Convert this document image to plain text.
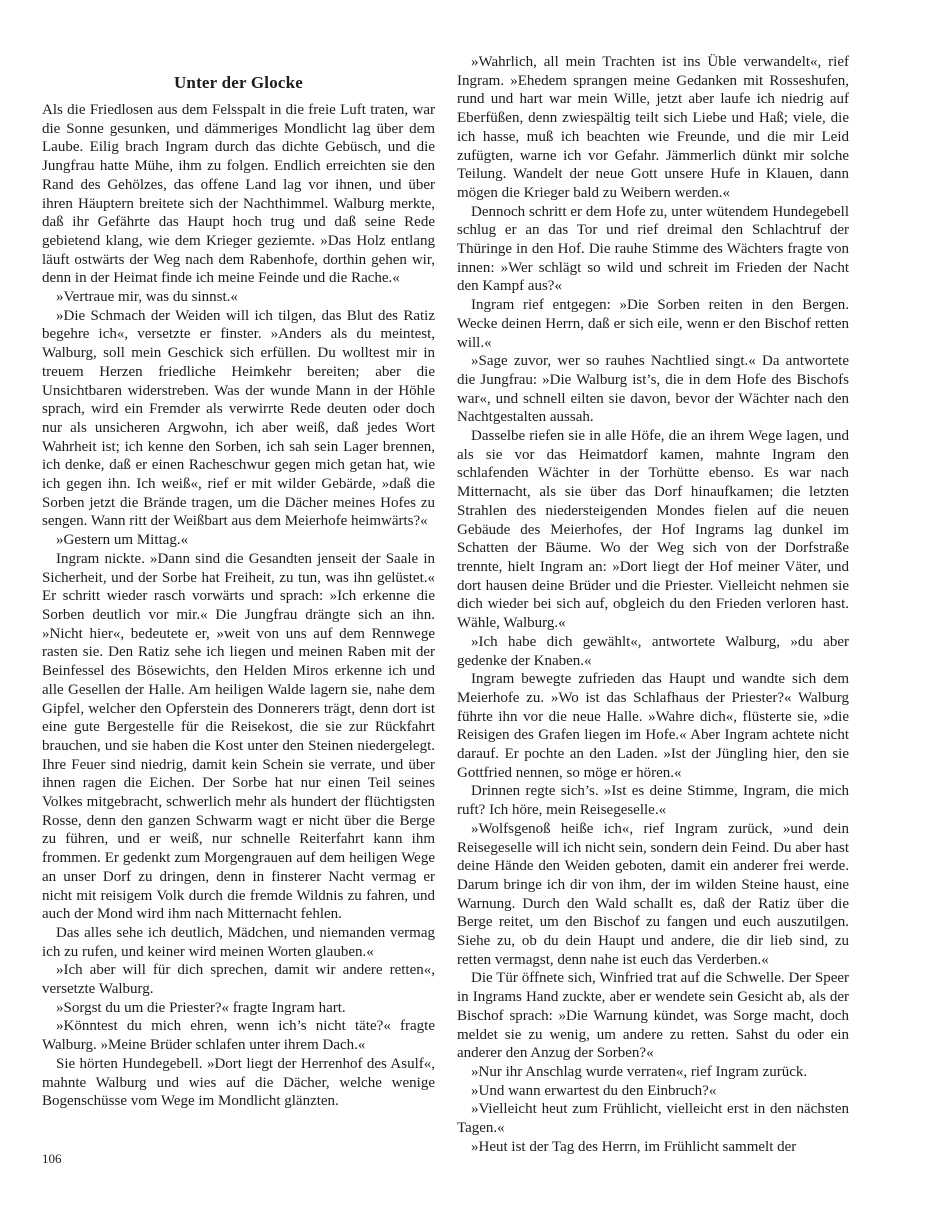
Unter der Glocke

Als die Friedlosen aus dem Felsspalt in die freie Luft traten, war die Sonne gesunken, und dämmeriges Mondlicht lag über dem Laube. Eilig brach Ingram durch das dichte Gebüsch, und die Jungfrau hatte Mühe, ihm zu folgen. Endlich erreichten sie den Rand des Gehölzes, das offene Land lag vor ihnen, und über ihren Häuptern breitete sich der Nachthimmel. Walburg merkte, daß ihr Gefährte das Haupt hoch trug und daß seine Rede gebietend klang, wie dem Krieger geziemte. »Das Holz entlang läuft ostwärts der Weg nach dem Rabenhofe, dorthin gehen wir, denn in der Heimat finde ich meine Feinde und die Rache.«

»Vertraue mir, was du sinnst.«

»Die Schmach der Weiden will ich tilgen, das Blut des Ratiz begehre ich«, versetzte er finster. »Anders als du meintest, Walburg, soll mein Geschick sich erfüllen. Du wolltest mir in treuem Herzen friedliche Heimkehr bereiten; aber die Unsichtbaren widerstreben. Was der wunde Mann in der Höhle sprach, wird ein Fremder als verwirrte Rede deuten oder doch nur als unsicheren Argwohn, ich aber weiß, daß jedes Wort Wahrheit ist; ich kenne den Sorben, ich sah sein Lager brennen, ich denke, daß er einen Racheschwur gegen mich getan hat, wie ich gegen ihn. Ich weiß«, rief er mit wilder Gebärde, »daß die Sorben jetzt die Brände tragen, um die Dächer meines Hofes zu sengen. Wann ritt der Weißbart aus dem Meierhofe heimwärts?«

»Gestern um Mittag.«

Ingram nickte. »Dann sind die Gesandten jenseit der Saale in Sicherheit, und der Sorbe hat Freiheit, zu tun, was ihn gelüstet.« Er schritt wieder rasch vorwärts und sprach: »Ich erkenne die Sorben deutlich vor mir.« Die Jungfrau drängte sich an ihn. »Nicht hier«, bedeutete er, »weit von uns auf dem Rennwege rasten sie. Den Ratiz sehe ich liegen und meinen Raben mit der Beinfessel des Bösewichts, den Helden Miros erkenne ich und alle Gesellen der Halle. Am heiligen Walde lagern sie, nahe dem Gipfel, welcher den Opferstein des Donnerers trägt, denn dort ist eine gute Bergestelle für die Reisekost, die sie zur Rückfahrt brauchen, und sie haben die Kost unter den Steinen niedergelegt. Ihre Feuer sind niedrig, damit kein Schein sie verrate, und über ihnen ragen die Eichen. Der Sorbe hat nur einen Teil seines Volkes mitgebracht, schwerlich mehr als hundert der flüchtigsten Rosse, denn den ganzen Schwarm wagt er nicht über die Berge zu führen, und er weiß, nur schnelle Reiterfahrt kann ihm frommen. Er gedenkt zum Morgengrauen auf dem heiligen Wege an unser Dorf zu dringen, denn in finsterer Nacht vermag er nicht mit reisigem Volk durch die fremde Wildnis zu fahren, und auch der Mond wird ihm nach Mitternacht fehlen.

Das alles sehe ich deutlich, Mädchen, und niemanden vermag ich zu rufen, und keiner wird meinen Worten glauben.«

»Ich aber will für dich sprechen, damit wir andere retten«, versetzte Walburg.

»Sorgst du um die Priester?« fragte Ingram hart.

»Könntest du mich ehren, wenn ich’s nicht täte?« fragte Walburg. »Meine Brüder schlafen unter ihrem Dach.«

Sie hörten Hundegebell. »Dort liegt der Herrenhof des Asulf«, mahnte Walburg und wies auf die Dächer, welche wenige Bogenschüsse vom Wege im Mondlicht glänzten.

»Wahrlich, all mein Trachten ist ins Üble verwandelt«, rief Ingram. »Ehedem sprangen meine Gedanken mit Rosseshufen, rund und hart war mein Wille, jetzt aber laufe ich niedrig auf Eberfüßen, denn zwiespältig teilt sich Liebe und Haß; viele, die ich hasse, muß ich beachten wie Freunde, und die mir Leid zufügten, warne ich vor Gefahr. Jämmerlich dünkt mir solche Teilung. Wandelt der neue Gott unsere Hufe in Klauen, dann mögen die Krieger bald zu Weibern werden.«

Dennoch schritt er dem Hofe zu, unter wütendem Hundegebell schlug er an das Tor und rief dreimal den Schlachtruf der Thüringe in den Hof. Die rauhe Stimme des Wächters fragte von innen: »Wer schlägt so wild und schreit im Frieden der Nacht den Kampf aus?«

Ingram rief entgegen: »Die Sorben reiten in den Bergen. Wecke deinen Herrn, daß er sich eile, wenn er den Bischof retten will.«

»Sage zuvor, wer so rauhes Nachtlied singt.« Da antwortete die Jungfrau: »Die Walburg ist’s, die in dem Hofe des Bischofs war«, und schnell eilten sie davon, bevor der Wächter nach den Nachtgestalten aussah.

Dasselbe riefen sie in alle Höfe, die an ihrem Wege lagen, und als sie vor das Heimatdorf kamen, mahnte Ingram den schlafenden Wächter in der Torhütte ebenso. Es war nach Mitternacht, als sie über das Dorf hinaufkamen; die letzten Strahlen des niedersteigenden Mondes fielen auf die neuen Gebäude des Meierhofes, der Hof Ingrams lag dunkel im Schatten der Bäume. Wo der Weg sich von der Dorfstraße trennte, hielt Ingram an: »Dort liegt der Hof meiner Väter, und dort hausen deine Brüder und die Priester. Vielleicht nehmen sie dich wieder bei sich auf, obgleich du den Frieden verloren hast. Wähle, Walburg.«

»Ich habe dich gewählt«, antwortete Walburg, »du aber gedenke der Knaben.«

Ingram bewegte zufrieden das Haupt und wandte sich dem Meierhofe zu. »Wo ist das Schlafhaus der Priester?« Walburg führte ihn vor die neue Halle. »Wahre dich«, flüsterte sie, »die Reisigen des Grafen liegen im Hofe.« Aber Ingram achtete nicht darauf. Er pochte an den Laden. »Ist der Jüngling hier, den sie Gottfried nennen, so möge er hören.«

Drinnen regte sich’s. »Ist es deine Stimme, Ingram, die mich ruft? Ich höre, mein Reisegeselle.«

»Wolfsgenoß heiße ich«, rief Ingram zurück, »und dein Reisegeselle will ich nicht sein, sondern dein Feind. Du aber hast deine Hände den Weiden geboten, damit ein anderer frei werde. Darum bringe ich dir von ihm, der im wilden Steine haust, eine Warnung. Durch den Wald schallt es, daß der Ratiz über die Berge reitet, um den Bischof zu fangen und euch auszutilgen. Siehe zu, ob du dein Haupt und andere, die dir lieb sind, zu retten vermagst, denn nahe ist euch das Verderben.«

Die Tür öffnete sich, Winfried trat auf die Schwelle. Der Speer in Ingrams Hand zuckte, aber er wendete sein Gesicht ab, als der Bischof sprach: »Die Warnung kündet, was Sorge macht, doch meldet sie zu wenig, um andere zu retten. Sahst du oder ein anderer den Anzug der Sorben?«

»Nur ihr Anschlag wurde verraten«, rief Ingram zurück.

»Und wann erwartest du den Einbruch?«

»Vielleicht heut zum Frühlicht, vielleicht erst in den nächsten Tagen.«

»Heut ist der Tag des Herrn, im Frühlicht sammelt der

106
